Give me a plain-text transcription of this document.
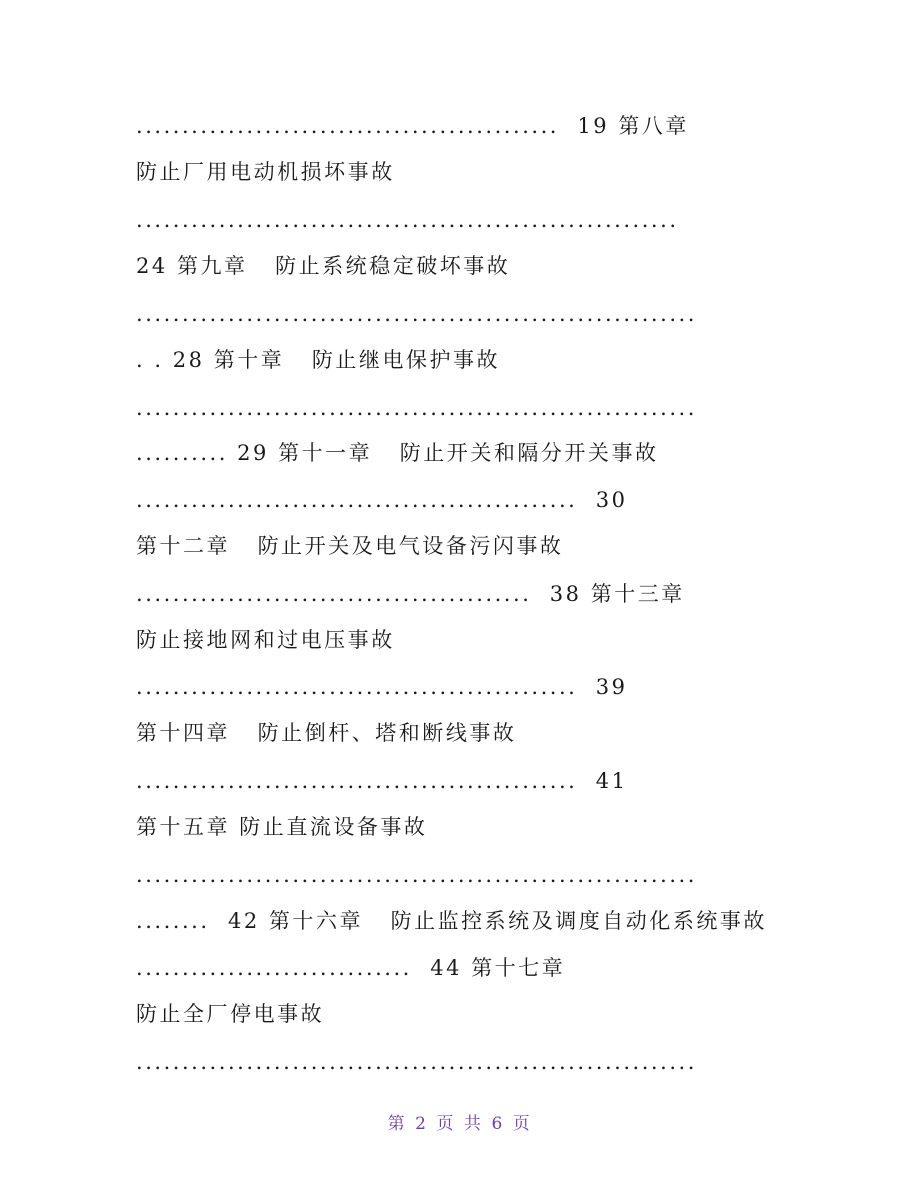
..............................................  19 第八章
防止厂用电动机损坏事故
...........................................................
24 第九章   防止系统稳定破坏事故
.............................................................
. . 28 第十章   防止继电保护事故
.............................................................
.......... 29 第十一章   防止开关和隔分开关事故
................................................  30
第十二章   防止开关及电气设备污闪事故
...........................................  38 第十三章
防止接地网和过电压事故
................................................  39
第十四章   防止倒杆、塔和断线事故
................................................  41
第十五章 防止直流设备事故
.............................................................
........  42 第十六章   防止监控系统及调度自动化系统事故
..............................  44 第十七章
防止全厂停电事故
.............................................................
第 2 页 共 6 页
